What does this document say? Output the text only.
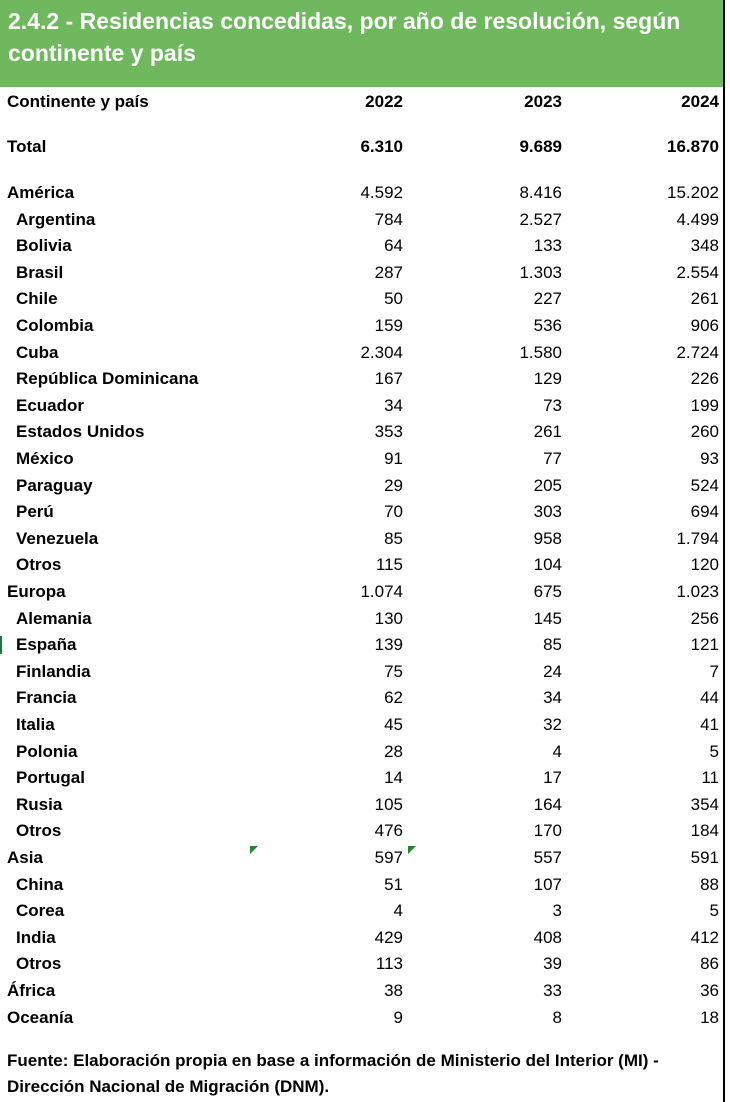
2.4.2 - Residencias concedidas, por año de resolución, según continente y país
Continente y país	2022	2023	2024
Total	6.310	9.689	16.870
América	4.592	8.416	15.202
Argentina	784	2.527	4.499
Bolivia	64	133	348
Brasil	287	1.303	2.554
Chile	50	227	261
Colombia	159	536	906
Cuba	2.304	1.580	2.724
República Dominicana	167	129	226
Ecuador	34	73	199
Estados Unidos	353	261	260
México	91	77	93
Paraguay	29	205	524
Perú	70	303	694
Venezuela	85	958	1.794
Otros	115	104	120
Europa	1.074	675	1.023
Alemania	130	145	256
España	139	85	121
Finlandia	75	24	7
Francia	62	34	44
Italia	45	32	41
Polonia	28	4	5
Portugal	14	17	11
Rusia	105	164	354
Otros	476	170	184
Asia	597	557	591
China	51	107	88
Corea	4	3	5
India	429	408	412
Otros	113	39	86
África	38	33	36
Oceanía	9	8	18
Fuente: Elaboración propia en base a información de Ministerio del Interior (MI) - Dirección Nacional de Migración (DNM).
